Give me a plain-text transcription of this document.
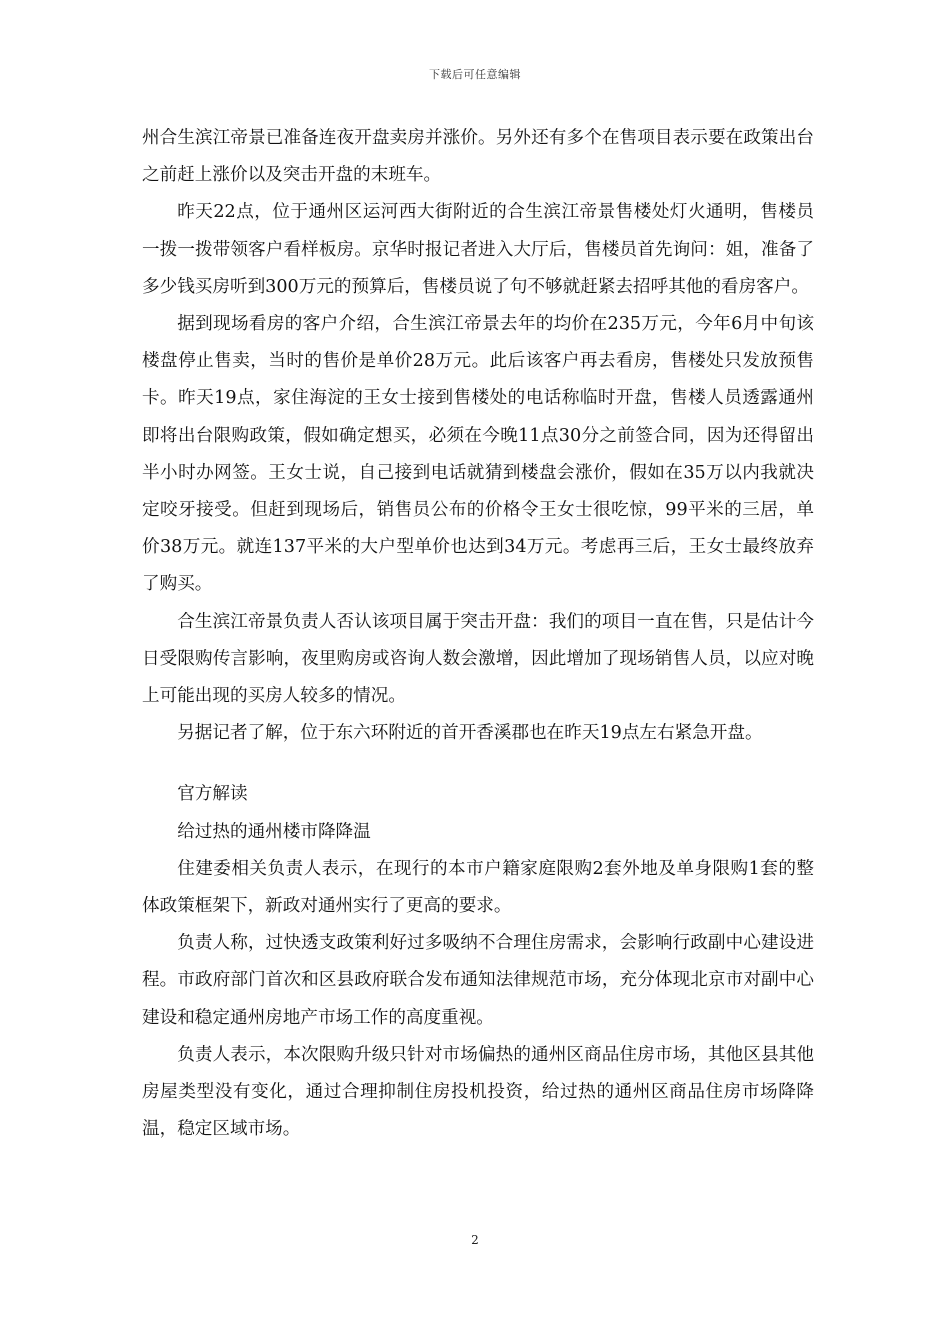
下载后可任意编辑

州合生滨江帝景已准备连夜开盘卖房并涨价。另外还有多个在售项目表示要在政策出台之前赶上涨价以及突击开盘的末班车。

昨天22点，位于通州区运河西大街附近的合生滨江帝景售楼处灯火通明，售楼员一拨一拨带领客户看样板房。京华时报记者进入大厅后，售楼员首先询问：姐，准备了多少钱买房听到300万元的预算后，售楼员说了句不够就赶紧去招呼其他的看房客户。

据到现场看房的客户介绍，合生滨江帝景去年的均价在235万元，今年6月中旬该楼盘停止售卖，当时的售价是单价28万元。此后该客户再去看房，售楼处只发放预售卡。昨天19点，家住海淀的王女士接到售楼处的电话称临时开盘，售楼人员透露通州即将出台限购政策，假如确定想买，必须在今晚11点30分之前签合同，因为还得留出半小时办网签。王女士说，自己接到电话就猜到楼盘会涨价，假如在35万以内我就决定咬牙接受。但赶到现场后，销售员公布的价格令王女士很吃惊，99平米的三居，单价38万元。就连137平米的大户型单价也达到34万元。考虑再三后，王女士最终放弃了购买。

合生滨江帝景负责人否认该项目属于突击开盘：我们的项目一直在售，只是估计今日受限购传言影响，夜里购房或咨询人数会激增，因此增加了现场销售人员，以应对晚上可能出现的买房人较多的情况。

另据记者了解，位于东六环附近的首开香溪郡也在昨天19点左右紧急开盘。

官方解读

给过热的通州楼市降降温

住建委相关负责人表示，在现行的本市户籍家庭限购2套外地及单身限购1套的整体政策框架下，新政对通州实行了更高的要求。

负责人称，过快透支政策利好过多吸纳不合理住房需求，会影响行政副中心建设进程。市政府部门首次和区县政府联合发布通知法律规范市场，充分体现北京市对副中心建设和稳定通州房地产市场工作的高度重视。

负责人表示，本次限购升级只针对市场偏热的通州区商品住房市场，其他区县其他房屋类型没有变化，通过合理抑制住房投机投资，给过热的通州区商品住房市场降降温，稳定区域市场。

2
